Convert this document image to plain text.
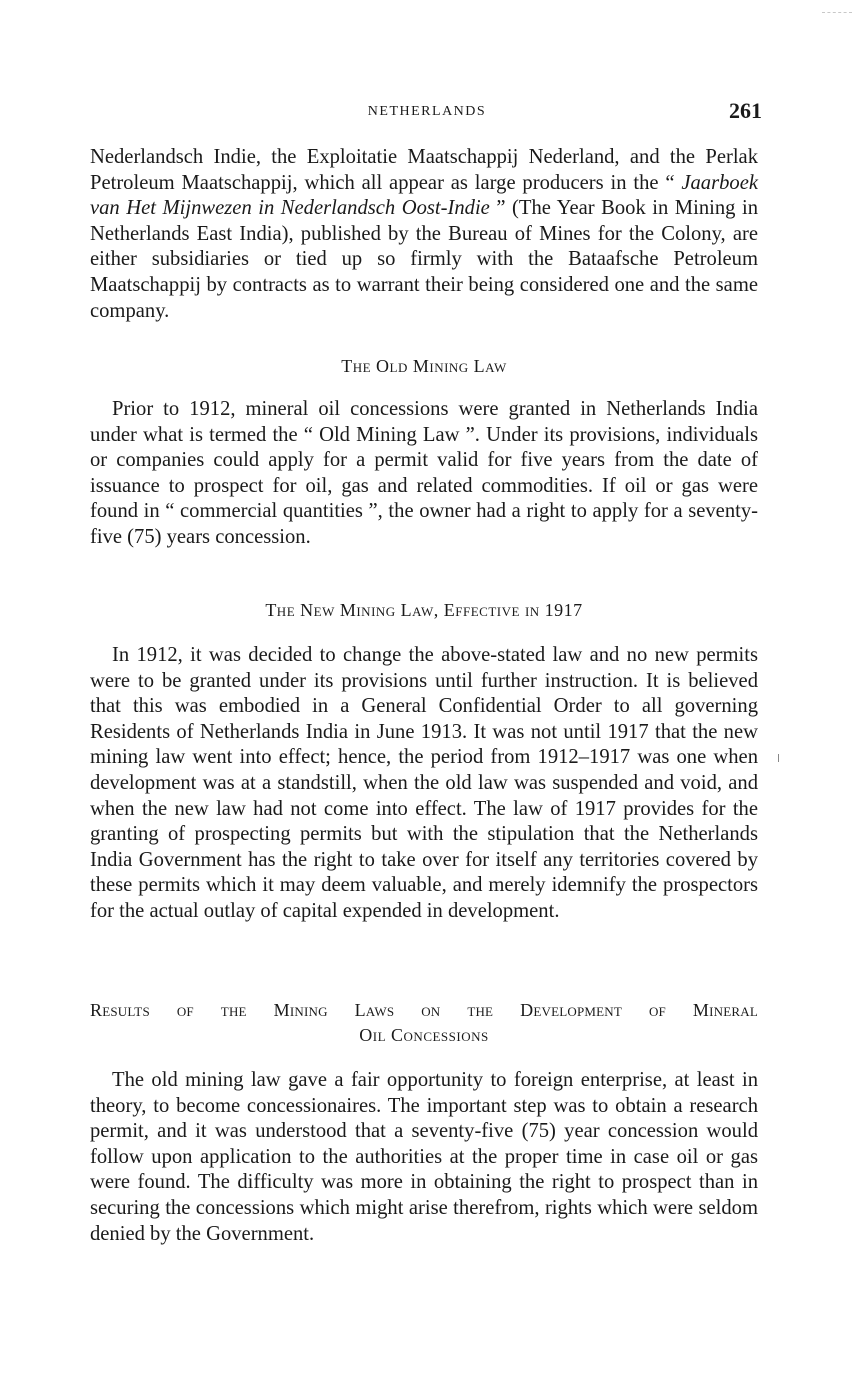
NETHERLANDS	261

Nederlandsch Indie, the Exploitatie Maatschappij Nederland, and the Perlak Petroleum Maatschappij, which all appear as large producers in the “ Jaarboek van Het Mijnwezen in Nederlandsch Oost-Indie ” (The Year Book in Mining in Netherlands East India), published by the Bureau of Mines for the Colony, are either subsidiaries or tied up so firmly with the Bataafsche Petroleum Maatschappij by contracts as to warrant their being considered one and the same company.

The Old Mining Law

Prior to 1912, mineral oil concessions were granted in Netherlands India under what is termed the “ Old Mining Law ”. Under its provisions, individuals or companies could apply for a permit valid for five years from the date of issuance to prospect for oil, gas and related commodities. If oil or gas were found in “ commercial quantities ”, the owner had a right to apply for a seventy-five (75) years concession.

The New Mining Law, Effective in 1917

In 1912, it was decided to change the above-stated law and no new permits were to be granted under its provisions until further instruction. It is believed that this was embodied in a General Confidential Order to all governing Residents of Netherlands India in June 1913. It was not until 1917 that the new mining law went into effect; hence, the period from 1912–1917 was one when development was at a standstill, when the old law was suspended and void, and when the new law had not come into effect. The law of 1917 provides for the granting of prospecting permits but with the stipulation that the Netherlands India Government has the right to take over for itself any territories covered by these permits which it may deem valuable, and merely idemnify the prospectors for the actual outlay of capital expended in development.

Results of the Mining Laws on the Development of Mineral

Oil Concessions

The old mining law gave a fair opportunity to foreign enterprise, at least in theory, to become concessionaires. The important step was to obtain a research permit, and it was understood that a seventy-five (75) year concession would follow upon application to the authorities at the proper time in case oil or gas were found. The difficulty was more in obtaining the right to prospect than in securing the concessions which might arise therefrom, rights which were seldom denied by the Government.
